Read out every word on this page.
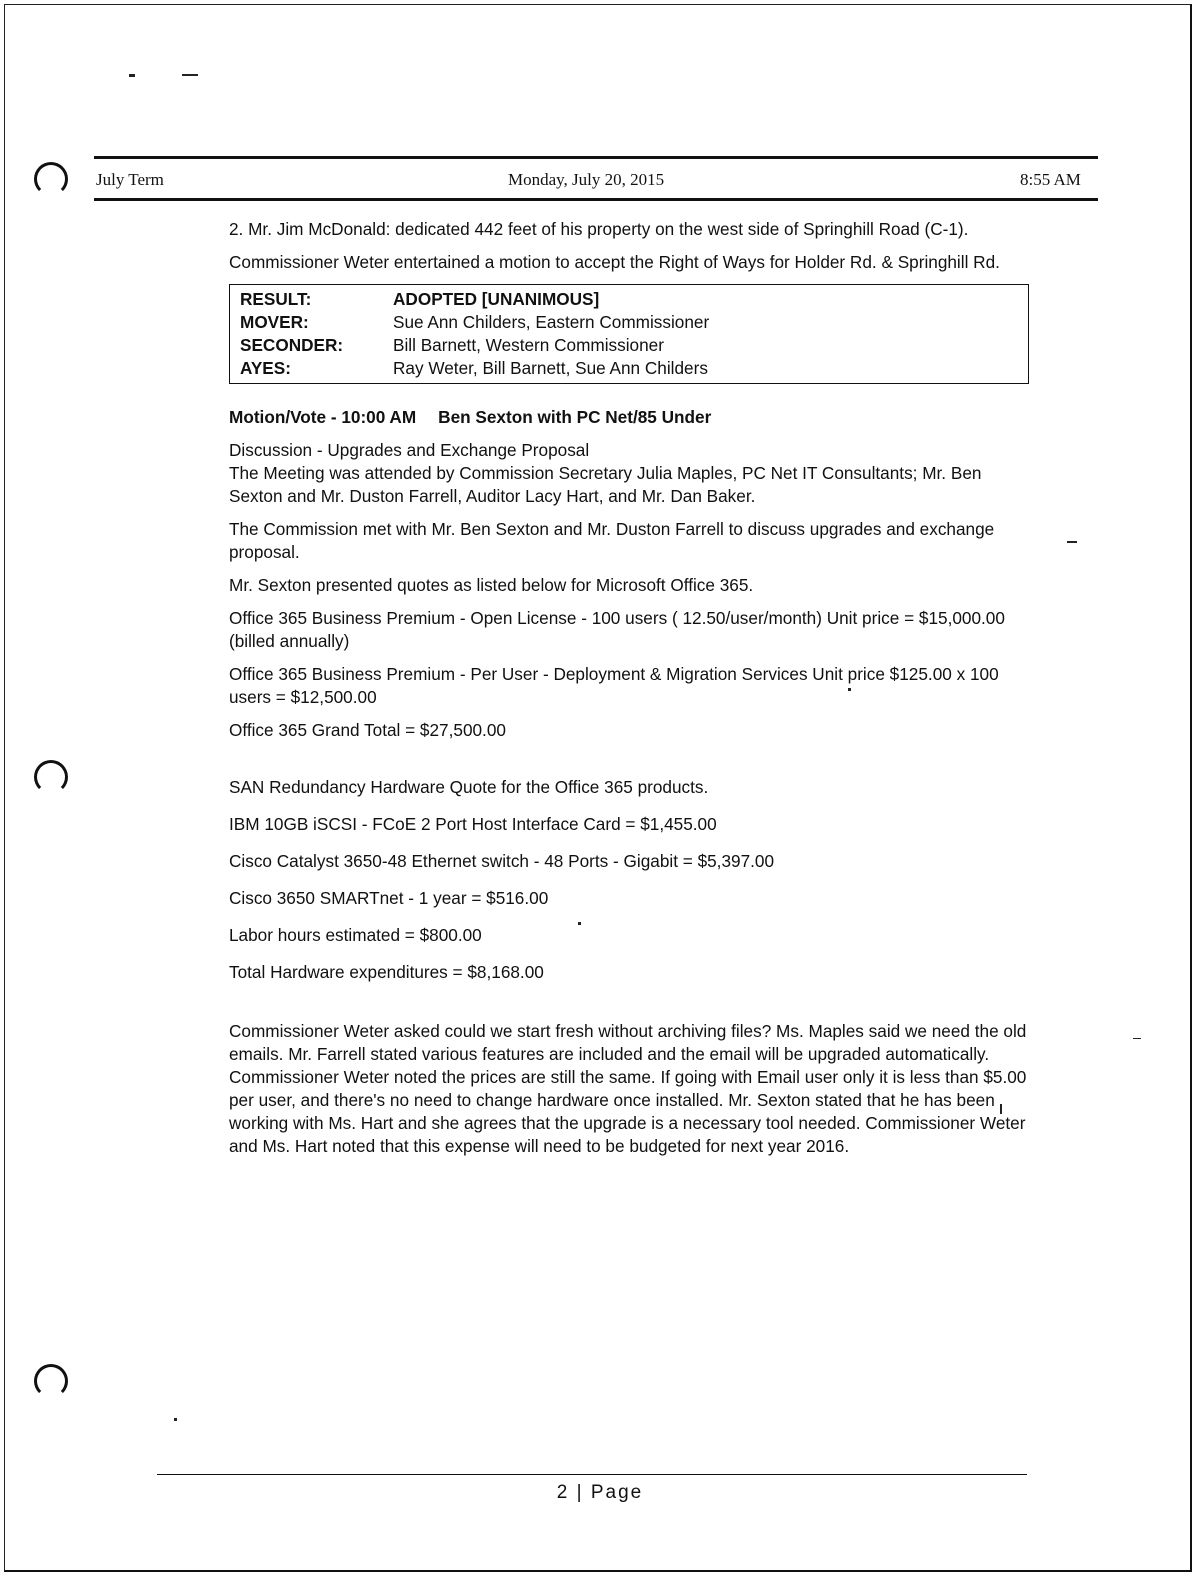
July Term	Monday, July 20, 2015	8:55 AM

2. Mr. Jim McDonald: dedicated 442 feet of his property on the west side of Springhill Road (C-1).

Commissioner Weter entertained a motion to accept the Right of Ways for Holder Rd. & Springhill Rd.

RESULT:	ADOPTED [UNANIMOUS]
MOVER:	Sue Ann Childers, Eastern Commissioner
SECONDER:	Bill Barnett, Western Commissioner
AYES:	Ray Weter, Bill Barnett, Sue Ann Childers

Motion/Vote - 10:00 AM Ben Sexton with PC Net/85 Under

Discussion - Upgrades and Exchange Proposal

The Meeting was attended by Commission Secretary Julia Maples, PC Net IT Consultants; Mr. Ben Sexton and Mr. Duston Farrell, Auditor Lacy Hart, and Mr. Dan Baker.

The Commission met with Mr. Ben Sexton and Mr. Duston Farrell to discuss upgrades and exchange proposal.

Mr. Sexton presented quotes as listed below for Microsoft Office 365.

Office 365 Business Premium - Open License - 100 users ( 12.50/user/month) Unit price = $15,000.00 (billed annually)

Office 365 Business Premium - Per User - Deployment & Migration Services Unit price $125.00 x 100 users = $12,500.00

Office 365 Grand Total = $27,500.00

SAN Redundancy Hardware Quote for the Office 365 products.

IBM 10GB iSCSI - FCoE 2 Port Host Interface Card = $1,455.00

Cisco Catalyst 3650-48 Ethernet switch - 48 Ports - Gigabit = $5,397.00

Cisco 3650 SMARTnet - 1 year = $516.00

Labor hours estimated = $800.00

Total Hardware expenditures = $8,168.00

Commissioner Weter asked could we start fresh without archiving files? Ms. Maples said we need the old emails. Mr. Farrell stated various features are included and the email will be upgraded automatically. Commissioner Weter noted the prices are still the same. If going with Email user only it is less than $5.00 per user, and there's no need to change hardware once installed. Mr. Sexton stated that he has been working with Ms. Hart and she agrees that the upgrade is a necessary tool needed. Commissioner Weter and Ms. Hart noted that this expense will need to be budgeted for next year 2016.

2 | Page
